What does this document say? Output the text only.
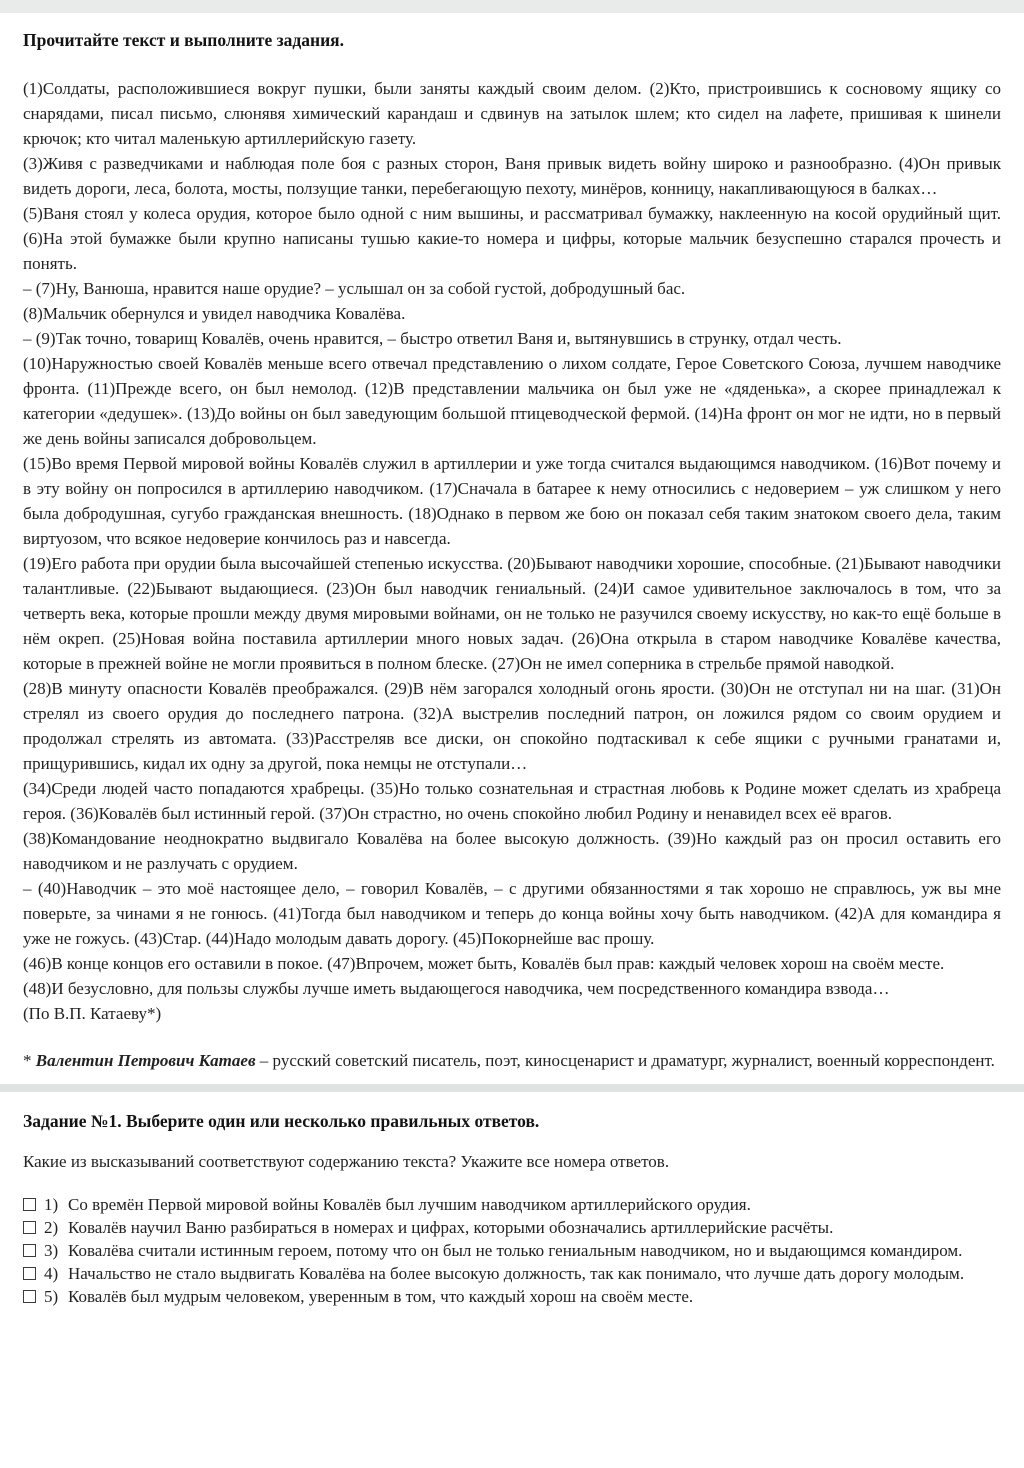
Прочитайте текст и выполните задания.

(1)Солдаты, расположившиеся вокруг пушки, были заняты каждый своим делом. (2)Кто, пристроившись к сосновому ящику со снарядами, писал письмо, слюнявя химический карандаш и сдвинув на затылок шлем; кто сидел на лафете, пришивая к шинели крючок; кто читал маленькую артиллерийскую газету.

(3)Живя с разведчиками и наблюдая поле боя с разных сторон, Ваня привык видеть войну широко и разнообразно. (4)Он привык видеть дороги, леса, болота, мосты, ползущие танки, перебегающую пехоту, минёров, конницу, накапливающуюся в балках…

(5)Ваня стоял у колеса орудия, которое было одной с ним вышины, и рассматривал бумажку, наклеенную на косой орудийный щит. (6)На этой бумажке были крупно написаны тушью какие-то номера и цифры, которые мальчик безуспешно старался прочесть и понять.

– (7)Ну, Ванюша, нравится наше орудие? – услышал он за собой густой, добродушный бас.

(8)Мальчик обернулся и увидел наводчика Ковалёва.

– (9)Так точно, товарищ Ковалёв, очень нравится, – быстро ответил Ваня и, вытянувшись в струнку, отдал честь.

(10)Наружностью своей Ковалёв меньше всего отвечал представлению о лихом солдате, Герое Советского Союза, лучшем наводчике фронта. (11)Прежде всего, он был немолод. (12)В представлении мальчика он был уже не «дяденька», а скорее принадлежал к категории «дедушек». (13)До войны он был заведующим большой птицеводческой фермой. (14)На фронт он мог не идти, но в первый же день войны записался добровольцем.

(15)Во время Первой мировой войны Ковалёв служил в артиллерии и уже тогда считался выдающимся наводчиком. (16)Вот почему и в эту войну он попросился в артиллерию наводчиком. (17)Сначала в батарее к нему относились с недоверием – уж слишком у него была добродушная, сугубо гражданская внешность. (18)Однако в первом же бою он показал себя таким знатоком своего дела, таким виртуозом, что всякое недоверие кончилось раз и навсегда.

(19)Его работа при орудии была высочайшей степенью искусства. (20)Бывают наводчики хорошие, способные. (21)Бывают наводчики талантливые. (22)Бывают выдающиеся. (23)Он был наводчик гениальный. (24)И самое удивительное заключалось в том, что за четверть века, которые прошли между двумя мировыми войнами, он не только не разучился своему искусству, но как-то ещё больше в нём окреп. (25)Новая война поставила артиллерии много новых задач. (26)Она открыла в старом наводчике Ковалёве качества, которые в прежней войне не могли проявиться в полном блеске. (27)Он не имел соперника в стрельбе прямой наводкой.

(28)В минуту опасности Ковалёв преображался. (29)В нём загорался холодный огонь ярости. (30)Он не отступал ни на шаг. (31)Он стрелял из своего орудия до последнего патрона. (32)А выстрелив последний патрон, он ложился рядом со своим орудием и продолжал стрелять из автомата. (33)Расстреляв все диски, он спокойно подтаскивал к себе ящики с ручными гранатами и, прищурившись, кидал их одну за другой, пока немцы не отступали…

(34)Среди людей часто попадаются храбрецы. (35)Но только сознательная и страстная любовь к Родине может сделать из храбреца героя. (36)Ковалёв был истинный герой. (37)Он страстно, но очень спокойно любил Родину и ненавидел всех её врагов.

(38)Командование неоднократно выдвигало Ковалёва на более высокую должность. (39)Но каждый раз он просил оставить его наводчиком и не разлучать с орудием.

– (40)Наводчик – это моё настоящее дело, – говорил Ковалёв, – с другими обязанностями я так хорошо не справлюсь, уж вы мне поверьте, за чинами я не гонюсь. (41)Тогда был наводчиком и теперь до конца войны хочу быть наводчиком. (42)А для командира я уже не гожусь. (43)Стар. (44)Надо молодым давать дорогу. (45)Покорнейше вас прошу.

(46)В конце концов его оставили в покое. (47)Впрочем, может быть, Ковалёв был прав: каждый человек хорош на своём месте.

(48)И безусловно, для пользы службы лучше иметь выдающегося наводчика, чем посредственного командира взвода…

(По В.П. Катаеву*)

* Валентин Петрович Катаев – русский советский писатель, поэт, киносценарист и драматург, журналист, военный корреспондент.

Задание №1. Выберите один или несколько правильных ответов.
Какие из высказываний соответствуют содержанию текста? Укажите все номера ответов.
1) Со времён Первой мировой войны Ковалёв был лучшим наводчиком артиллерийского орудия.
2) Ковалёв научил Ваню разбираться в номерах и цифрах, которыми обозначались артиллерийские расчёты.
3) Ковалёва считали истинным героем, потому что он был не только гениальным наводчиком, но и выдающимся командиром.
4) Начальство не стало выдвигать Ковалёва на более высокую должность, так как понимало, что лучше дать дорогу молодым.
5) Ковалёв был мудрым человеком, уверенным в том, что каждый хорош на своём месте.
